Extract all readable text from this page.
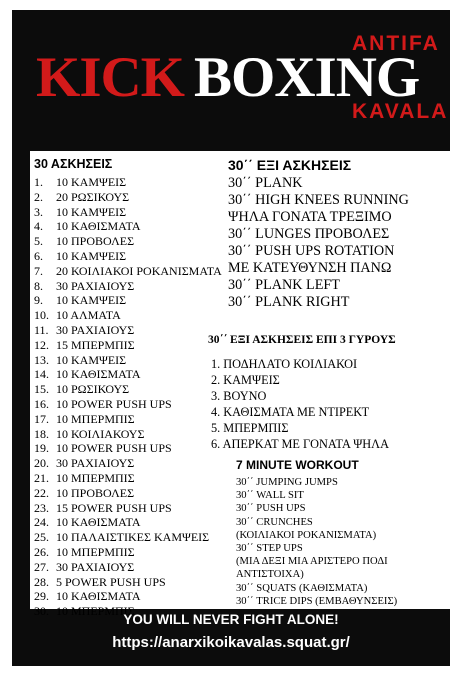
ANTIFA
KICK BOXING
KAVALA
30 ΑΣΚΗΣΕΙΣ
1. 10 ΚΑΜΨΕΙΣ
2. 20 ΡΩΣΙΚΟΥΣ
3. 10 ΚΑΜΨΕΙΣ
4. 10 ΚΑΘΙΣΜΑΤΑ
5. 10 ΠΡΟΒΟΛΕΣ
6. 10 ΚΑΜΨΕΙΣ
7. 20 ΚΟΙΛΙΑΚΟΙ ΡΟΚΑΝΙΣΜΑΤΑ
8. 30 ΡΑΧΙΑΙΟΥΣ
9. 10 ΚΑΜΨΕΙΣ
10. 10 ΑΛΜΑΤΑ
11. 30 ΡΑΧΙΑΙΟΥΣ
12. 15 ΜΠΕΡΜΠΙΣ
13. 10 ΚΑΜΨΕΙΣ
14. 10 ΚΑΘΙΣΜΑΤΑ
15. 10 ΡΩΣΙΚΟΥΣ
16. 10 POWER PUSH UPS
17. 10 ΜΠΕΡΜΠΙΣ
18. 10 ΚΟΙΛΙΑΚΟΥΣ
19. 10 POWER PUSH UPS
20. 30 ΡΑΧΙΑΙΟΥΣ
21. 10 ΜΠΕΡΜΠΙΣ
22. 10 ΠΡΟΒΟΛΕΣ
23. 15 POWER PUSH UPS
24. 10 ΚΑΘΙΣΜΑΤΑ
25. 10 ΠΑΛΑΙΣΤΙΚΕΣ ΚΑΜΨΕΙΣ
26. 10 ΜΠΕΡΜΠΙΣ
27. 30 ΡΑΧΙΑΙΟΥΣ
28. 5 POWER PUSH UPS
29. 10 ΚΑΘΙΣΜΑΤΑ
30. 10 ΜΠΕΡΜΠΙΣ
30΄΄ ΕΞΙ ΑΣΚΗΣΕΙΣ
30΄΄ PLANK
30΄΄ HIGH KNEES RUNNING
ΨΗΛΑ ΓΟΝΑΤΑ ΤΡΕΞΙΜΟ
30΄΄ LUNGES ΠΡΟΒΟΛΕΣ
30΄΄ PUSH UPS ROTATION
ΜΕ ΚΑΤΕΥΘΥΝΣΗ ΠΑΝΩ
30΄΄ PLANK LEFT
30΄΄ PLANK RIGHT
30΄΄ ΕΞΙ ΑΣΚΗΣΕΙΣ ΕΠΙ 3 ΓΥΡΟΥΣ
1. ΠΟΔΗΛΑΤΟ ΚΟΙΛΙΑΚΟΙ
2. ΚΑΜΨΕΙΣ
3. ΒΟΥΝΟ
4. ΚΑΘΙΣΜΑΤΑ ΜΕ ΝΤΙΡΕΚΤ
5. ΜΠΕΡΜΠΙΣ
6. ΑΠΕΡΚΑΤ ΜΕ ΓΟΝΑΤΑ ΨΗΛΑ
7 MINUTE WORKOUT
30΄΄ JUMPING JUMPS
30΄΄ WALL SIT
30΄΄ PUSH UPS
30΄΄ CRUNCHES
(ΚΟΙΛΙΑΚΟΙ ΡΟΚΑΝΙΣΜΑΤΑ)
30΄΄ STEP UPS
(ΜΙΑ ΔΕΞΙ ΜΙΑ ΑΡΙΣΤΕΡΟ ΠΟΔΙ
ΑΝΤΙΣΤΟΙΧΑ)
30΄΄ SQUATS (ΚΑΘΙΣΜΑΤΑ)
30΄΄ TRICE DIPS (ΕΜΒΑΘΥΝΣΕΙΣ)
YOU WILL NEVER FIGHT ALONE!
https://anarxikoikavalas.squat.gr/
